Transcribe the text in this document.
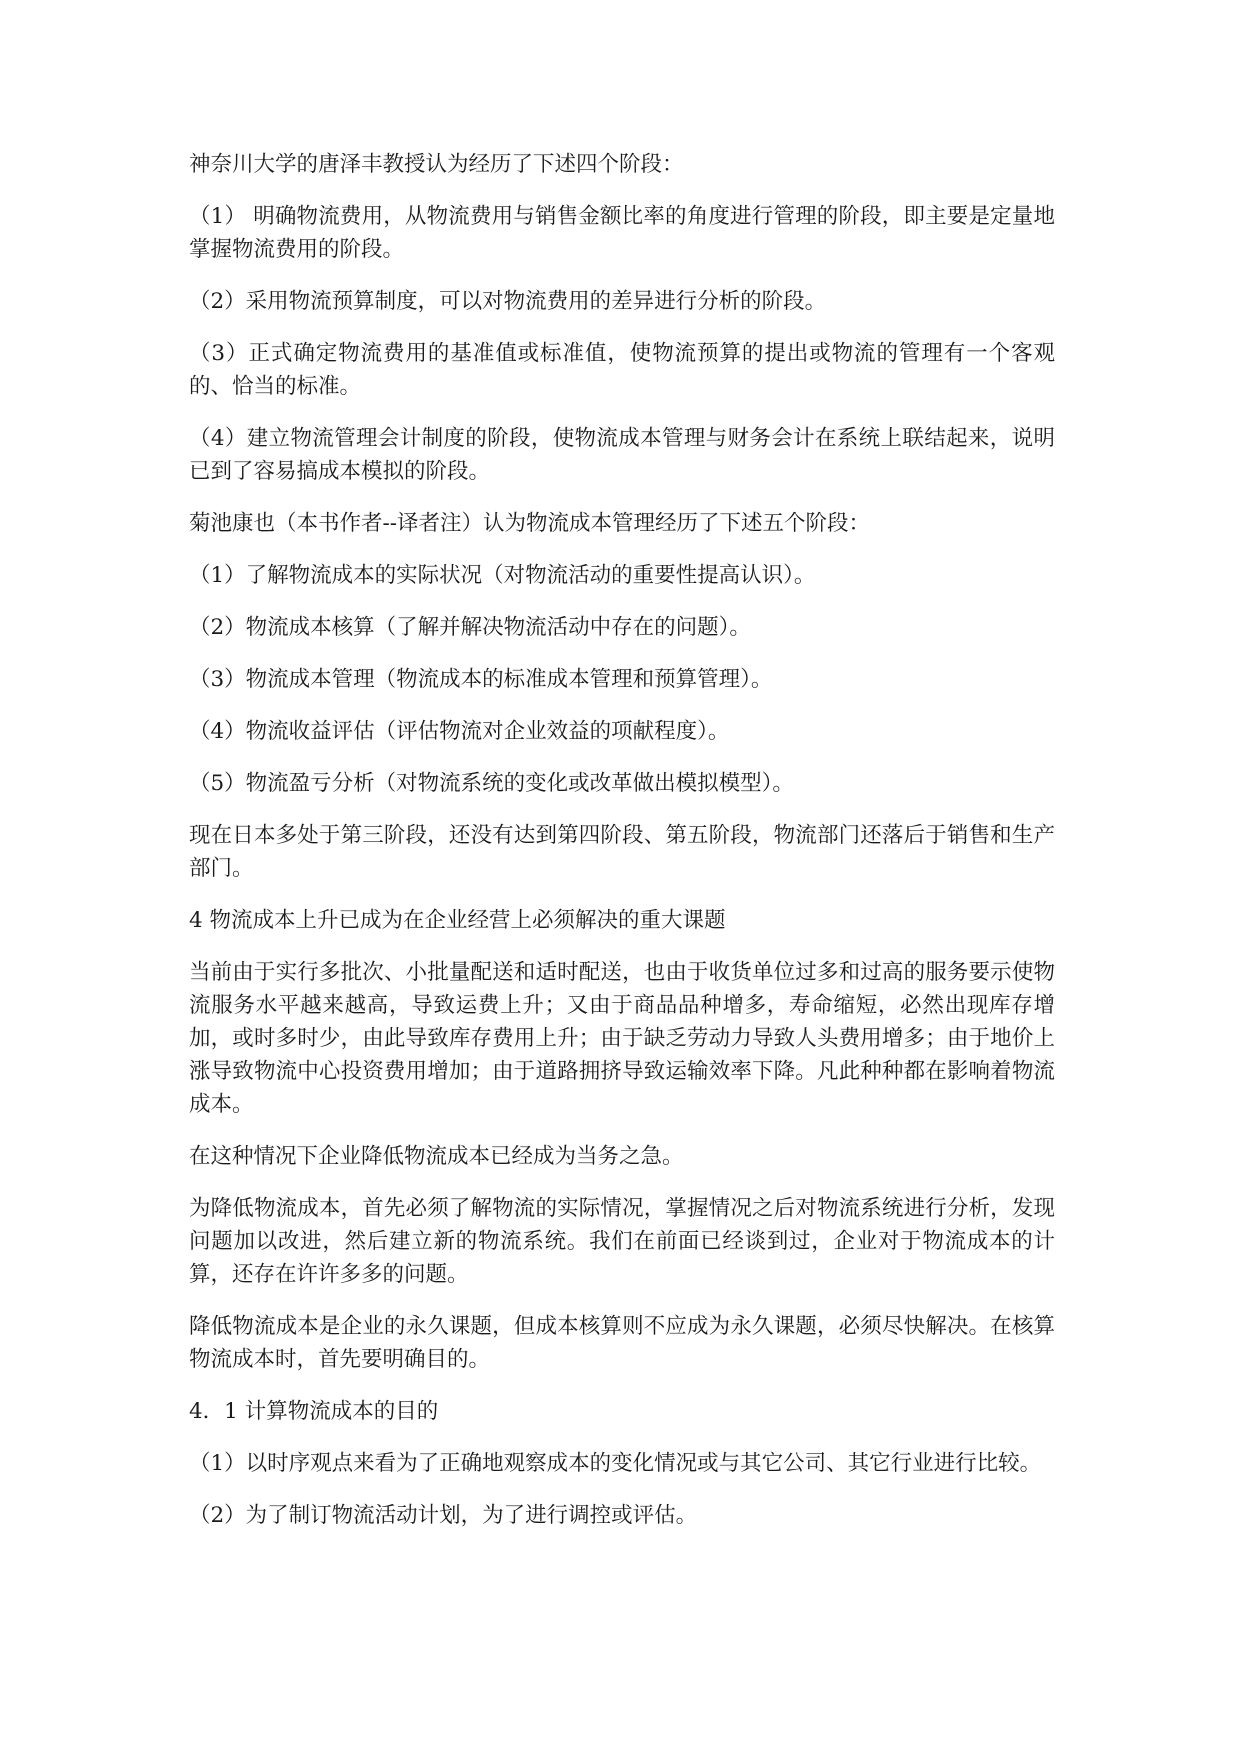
神奈川大学的唐泽丰教授认为经历了下述四个阶段：

（1） 明确物流费用，从物流费用与销售金额比率的角度进行管理的阶段，即主要是定量地掌握物流费用的阶段。

（2）采用物流预算制度，可以对物流费用的差异进行分析的阶段。

（3）正式确定物流费用的基准值或标准值，使物流预算的提出或物流的管理有一个客观的、恰当的标准。

（4）建立物流管理会计制度的阶段，使物流成本管理与财务会计在系统上联结起来，说明已到了容易搞成本模拟的阶段。

菊池康也（本书作者--译者注）认为物流成本管理经历了下述五个阶段：

（1）了解物流成本的实际状况（对物流活动的重要性提高认识）。

（2）物流成本核算（了解并解决物流活动中存在的问题）。

（3）物流成本管理（物流成本的标准成本管理和预算管理）。

（4）物流收益评估（评估物流对企业效益的项献程度）。

（5）物流盈亏分析（对物流系统的变化或改革做出模拟模型）。

现在日本多处于第三阶段，还没有达到第四阶段、第五阶段，物流部门还落后于销售和生产部门。

4 物流成本上升已成为在企业经营上必须解决的重大课题

当前由于实行多批次、小批量配送和适时配送，也由于收货单位过多和过高的服务要示使物流服务水平越来越高，导致运费上升；又由于商品品种增多，寿命缩短，必然出现库存增加，或时多时少，由此导致库存费用上升；由于缺乏劳动力导致人头费用增多；由于地价上涨导致物流中心投资费用增加；由于道路拥挤导致运输效率下降。凡此种种都在影响着物流成本。

在这种情况下企业降低物流成本已经成为当务之急。

为降低物流成本，首先必须了解物流的实际情况，掌握情况之后对物流系统进行分析，发现问题加以改进，然后建立新的物流系统。我们在前面已经谈到过，企业对于物流成本的计算，还存在许许多多的问题。

降低物流成本是企业的永久课题，但成本核算则不应成为永久课题，必须尽快解决。在核算物流成本时，首先要明确目的。

4．1 计算物流成本的目的

（1）以时序观点来看为了正确地观察成本的变化情况或与其它公司、其它行业进行比较。

（2）为了制订物流活动计划，为了进行调控或评估。
